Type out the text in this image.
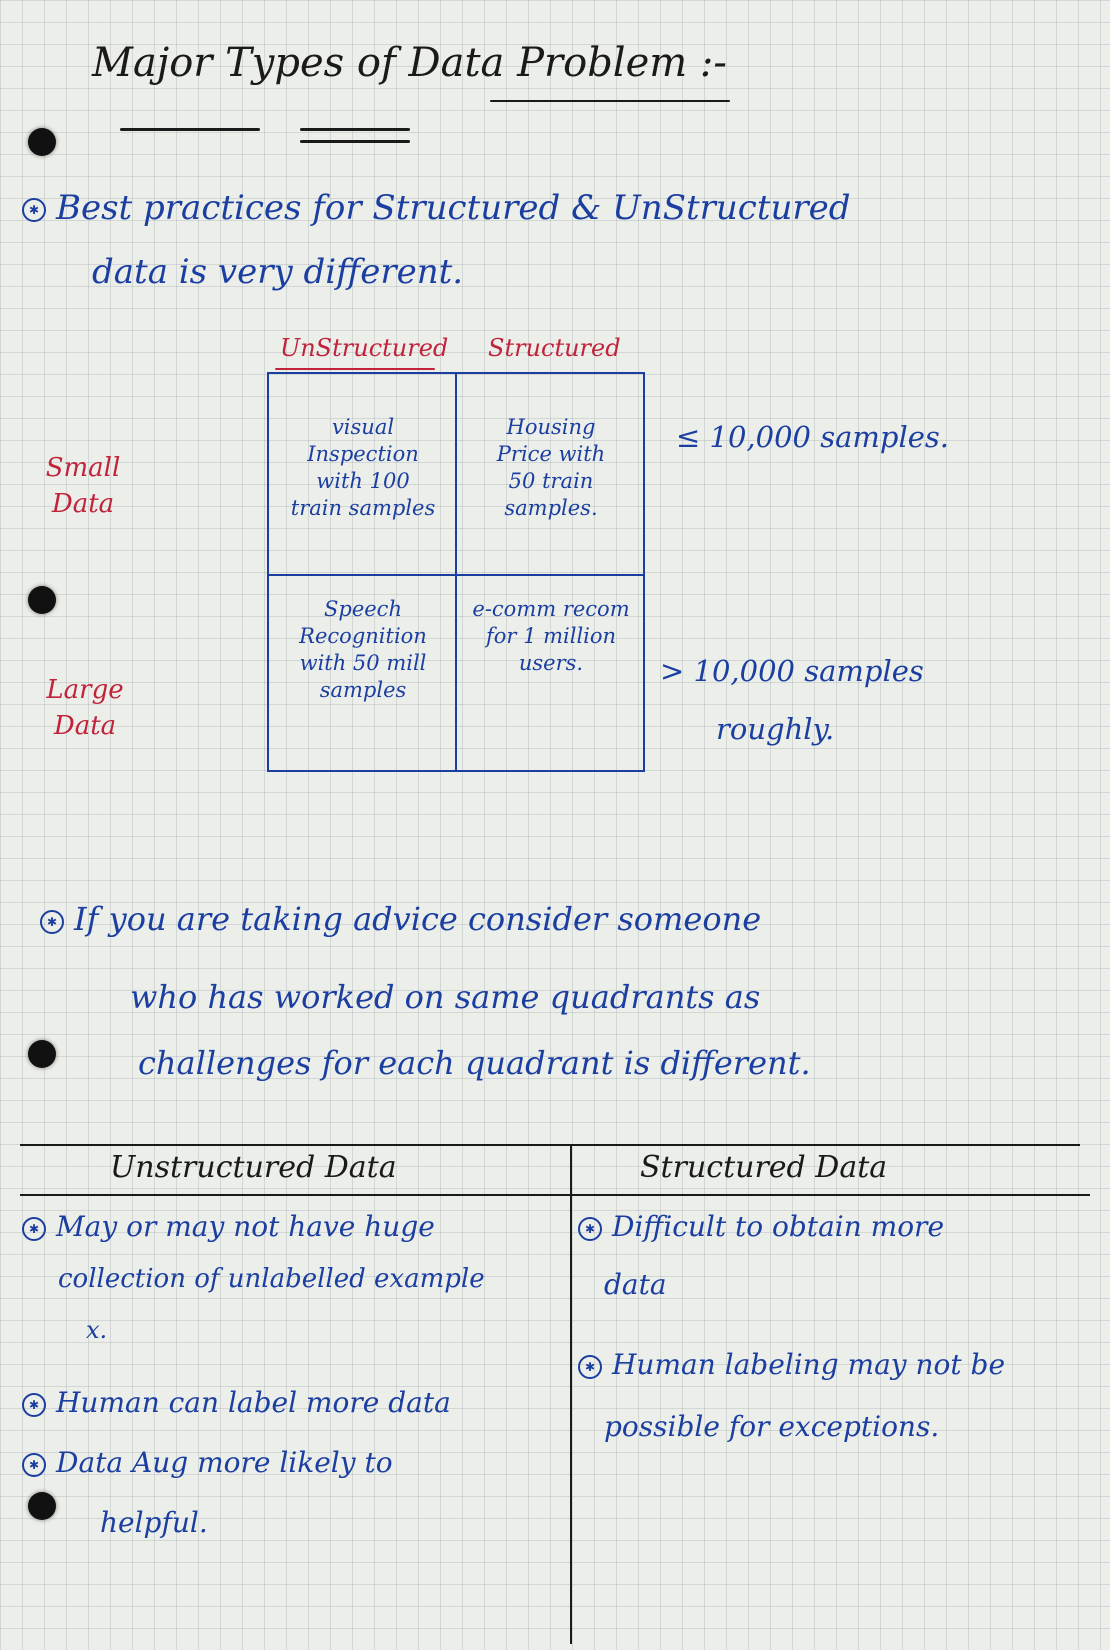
Major Types of Data Problem :-
✱ Best practices for Structured & UnStructured
data is very different.
UnStructured Structured
Small
Data
Large
Data
visual
Inspection
with 100
train samples
Housing
Price with
50 train
samples.
Speech
Recognition
with 50 mill
samples
e-comm recom
for 1 million
users.
≤ 10,000 samples.
> 10,000 samples
roughly.
✱ If you are taking advice consider someone
who has worked on same quadrants as
challenges for each quadrant is different.
Unstructured Data	Structured Data
✱ May or may not have huge
collection of unlabelled example
x.
✱ Human can label more data
✱ Data Aug more likely to
helpful.
✱ Difficult to obtain more
data
✱ Human labeling may not be
possible for exceptions.
